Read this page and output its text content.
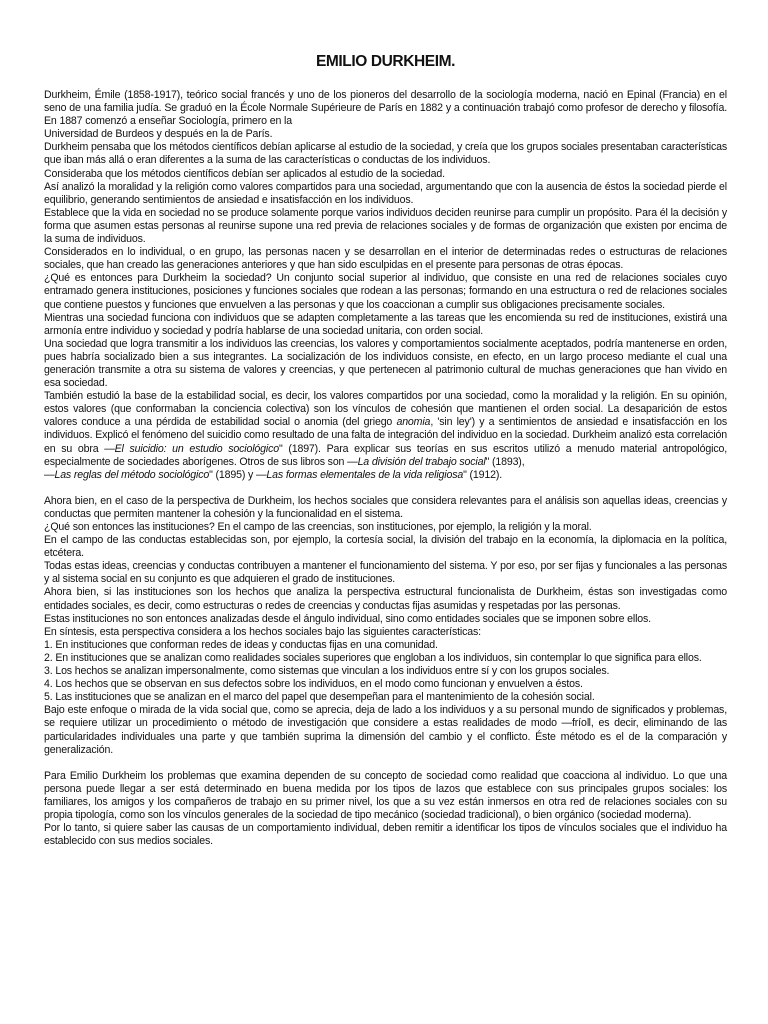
EMILIO DURKHEIM.

Durkheim, Émile (1858-1917), teórico social francés y uno de los pioneros del desarrollo de la sociología moderna, nació en Epinal (Francia) en el seno de una familia judía. Se graduó en la École Normale Supérieure de París en 1882 y a continuación trabajó como profesor de derecho y filosofía. En 1887 comenzó a enseñar Sociología, primero en la

Universidad de Burdeos y después en la de París.

Durkheim pensaba que los métodos científicos debían aplicarse al estudio de la sociedad, y creía que los grupos sociales presentaban características que iban más allá o eran diferentes a la suma de las características o conductas de los individuos.

Consideraba que los métodos científicos debían ser aplicados al estudio de la sociedad.

Así analizó la moralidad y la religión como valores compartidos para una sociedad, argumentando que con la ausencia de éstos la sociedad pierde el equilibrio, generando sentimientos de ansiedad e insatisfacción en los individuos.

Establece que la vida en sociedad no se produce solamente porque varios individuos deciden reunirse para cumplir un propósito. Para él la decisión y forma que asumen estas personas al reunirse supone una red previa de relaciones sociales y de formas de organización que existen por encima de la suma de individuos.

Considerados en lo individual, o en grupo, las personas nacen y se desarrollan en el interior de determinadas redes o estructuras de relaciones sociales, que han creado las generaciones anteriores y que han sido esculpidas en el presente para personas de otras épocas.

¿Qué es entonces para Durkheim la sociedad? Un conjunto social superior al individuo, que consiste en una red de relaciones sociales cuyo entramado genera instituciones, posiciones y funciones sociales que rodean a las personas; formando en una estructura o red de relaciones sociales que contiene puestos y funciones que envuelven a las personas y que los coaccionan a cumplir sus obligaciones precisamente sociales.

Mientras una sociedad funciona con individuos que se adapten completamente a las tareas que les encomienda su red de instituciones, existirá una armonía entre individuo y sociedad y podría hablarse de una sociedad unitaria, con orden social.

Una sociedad que logra transmitir a los individuos las creencias, los valores y comportamientos socialmente aceptados, podría mantenerse en orden, pues habría socializado bien a sus integrantes. La socialización de los individuos consiste, en efecto, en un largo proceso mediante el cual una generación transmite a otra su sistema de valores y creencias, y que pertenecen al patrimonio cultural de muchas generaciones que han vivido en esa sociedad.

También estudió la base de la estabilidad social, es decir, los valores compartidos por una sociedad, como la moralidad y la religión. En su opinión, estos valores (que conformaban la conciencia colectiva) son los vínculos de cohesión que mantienen el orden social. La desaparición de estos valores conduce a una pérdida de estabilidad social o anomia (del griego anomia, 'sin ley') y a sentimientos de ansiedad e insatisfacción en los individuos. Explicó el fenómeno del suicidio como resultado de una falta de integración del individuo en la sociedad. Durkheim analizó esta correlación en su obra —El suicidio: un estudio sociológico" (1897). Para explicar sus teorías en sus escritos utilizó a menudo material antropológico, especialmente de sociedades aborígenes. Otros de sus libros son —La división del trabajo social" (1893),
—Las reglas del método sociológico" (1895) y —Las formas elementales de la vida religiosa" (1912).

Ahora bien, en el caso de la perspectiva de Durkheim, los hechos sociales que considera relevantes para el análisis son aquellas ideas, creencias y conductas que permiten mantener la cohesión y la funcionalidad en el sistema.

¿Qué son entonces las instituciones? En el campo de las creencias, son instituciones, por ejemplo, la religión y la moral.

En el campo de las conductas establecidas son, por ejemplo, la cortesía social, la división del trabajo en la economía, la diplomacia en la política, etcétera.

Todas estas ideas, creencias y conductas contribuyen a mantener el funcionamiento del sistema. Y por eso, por ser fijas y funcionales a las personas y al sistema social en su conjunto es que adquieren el grado de instituciones.

Ahora bien, si las instituciones son los hechos que analiza la perspectiva estructural funcionalista de Durkheim, éstas son investigadas como entidades sociales, es decir, como estructuras o redes de creencias y conductas fijas asumidas y respetadas por las personas.

Estas instituciones no son entonces analizadas desde el ángulo individual, sino como entidades sociales que se imponen sobre ellos.

En síntesis, esta perspectiva considera a los hechos sociales bajo las siguientes características:

1. En instituciones que conforman redes de ideas y conductas fijas en una comunidad.

2. En instituciones que se analizan como realidades sociales superiores que engloban a los individuos, sin contemplar lo que significa para ellos.

3. Los hechos se analizan impersonalmente, como sistemas que vinculan a los individuos entre sí y con los grupos sociales.

4. Los hechos que se observan en sus defectos sobre los individuos, en el modo como funcionan y envuelven a éstos.

5. Las instituciones que se analizan en el marco del papel que desempeñan para el mantenimiento de la cohesión social.

Bajo este enfoque o mirada de la vida social que, como se aprecia, deja de lado a los individuos y a su personal mundo de significados y problemas, se requiere utilizar un procedimiento o método de investigación que considere a estas realidades de modo —frío‖, es decir, eliminando de las particularidades individuales una parte y que también suprima la dimensión del cambio y el conflicto. Éste método es el de la comparación y generalización.

Para Emilio Durkheim los problemas que examina dependen de su concepto de sociedad como realidad que coacciona al individuo. Lo que una persona puede llegar a ser está determinado en buena medida por los tipos de lazos que establece con sus principales grupos sociales: los familiares, los amigos y los compañeros de trabajo en su primer nivel, los que a su vez están inmersos en otra red de relaciones sociales con su propia tipología, como son los vínculos generales de la sociedad de tipo mecánico (sociedad tradicional), o bien orgánico (sociedad moderna).

Por lo tanto, si quiere saber las causas de un comportamiento individual, deben remitir a identificar los tipos de vínculos sociales que el individuo ha establecido con sus medios sociales.
